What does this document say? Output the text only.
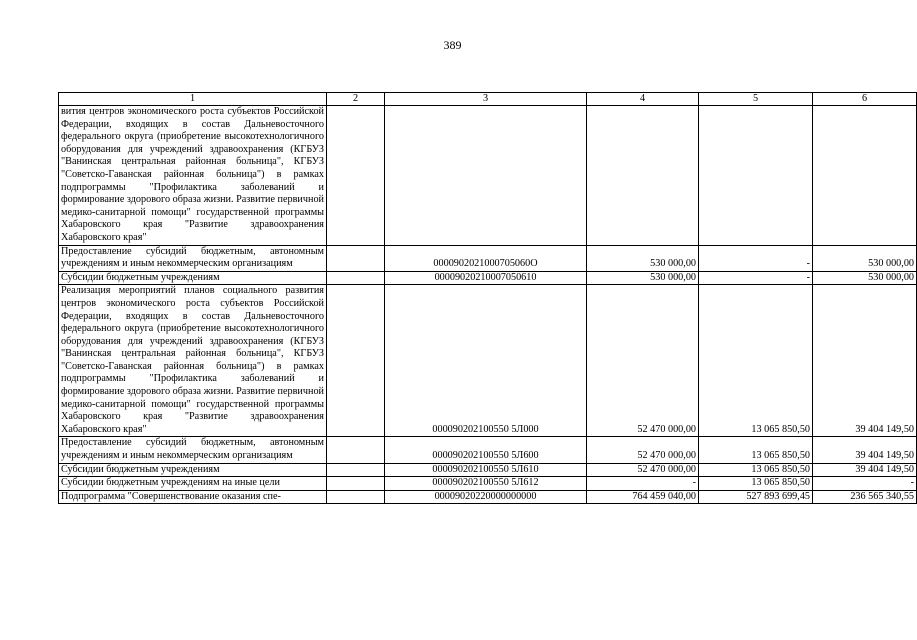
389
1	2	3	4	5	6
вития центров экономического роста субъектов Российской Федерации, входящих в состав Дальневосточного федерального округа (приобретение высокотехнологичного оборудования для учреждений здравоохранения (КГБУЗ "Ванинская центральная районная больница", КГБУЗ "Советско-Гаванская районная больница") в рамках подпрограммы "Профилактика заболеваний и формирование здорового образа жизни. Развитие первичной медико-санитарной помощи" государственной программы Хабаровского края "Развитие здравоохранения Хабаровского края"					
Предоставление субсидий бюджетным, автономным учреждениям и иным некоммерческим организациям		0000902021000705060О	530 000,00	-	530 000,00
Субсидии бюджетным учреждениям		00009020210007050610	530 000,00	-	530 000,00
Реализация мероприятий планов социального развития центров экономического роста субъектов Российской Федерации, входящих в состав Дальневосточного федерального округа (приобретение высокотехнологичного оборудования для учреждений здравоохранения (КГБУЗ "Ванинская центральная районная больница", КГБУЗ "Советско-Гаванская районная больница") в рамках подпрограммы "Профилактика заболеваний и формирование здорового образа жизни. Развитие первичной медико-санитарной помощи" государственной программы Хабаровского края "Развитие здравоохранения Хабаровского края"		000090202100550 5Л000	52 470 000,00	13 065 850,50	39 404 149,50
Предоставление субсидий бюджетным, автономным учреждениям и иным некоммерческим организациям		000090202100550 5Л600	52 470 000,00	13 065 850,50	39 404 149,50
Субсидии бюджетным учреждениям		000090202100550 5Л610	52 470 000,00	13 065 850,50	39 404 149,50
Субсидии бюджетным учреждениям на иные цели		000090202100550 5Л612	-	13 065 850,50	-
Подпрограмма "Совершенствование оказания спе-		00009020220000000000	764 459 040,00	527 893 699,45	236 565 340,55
